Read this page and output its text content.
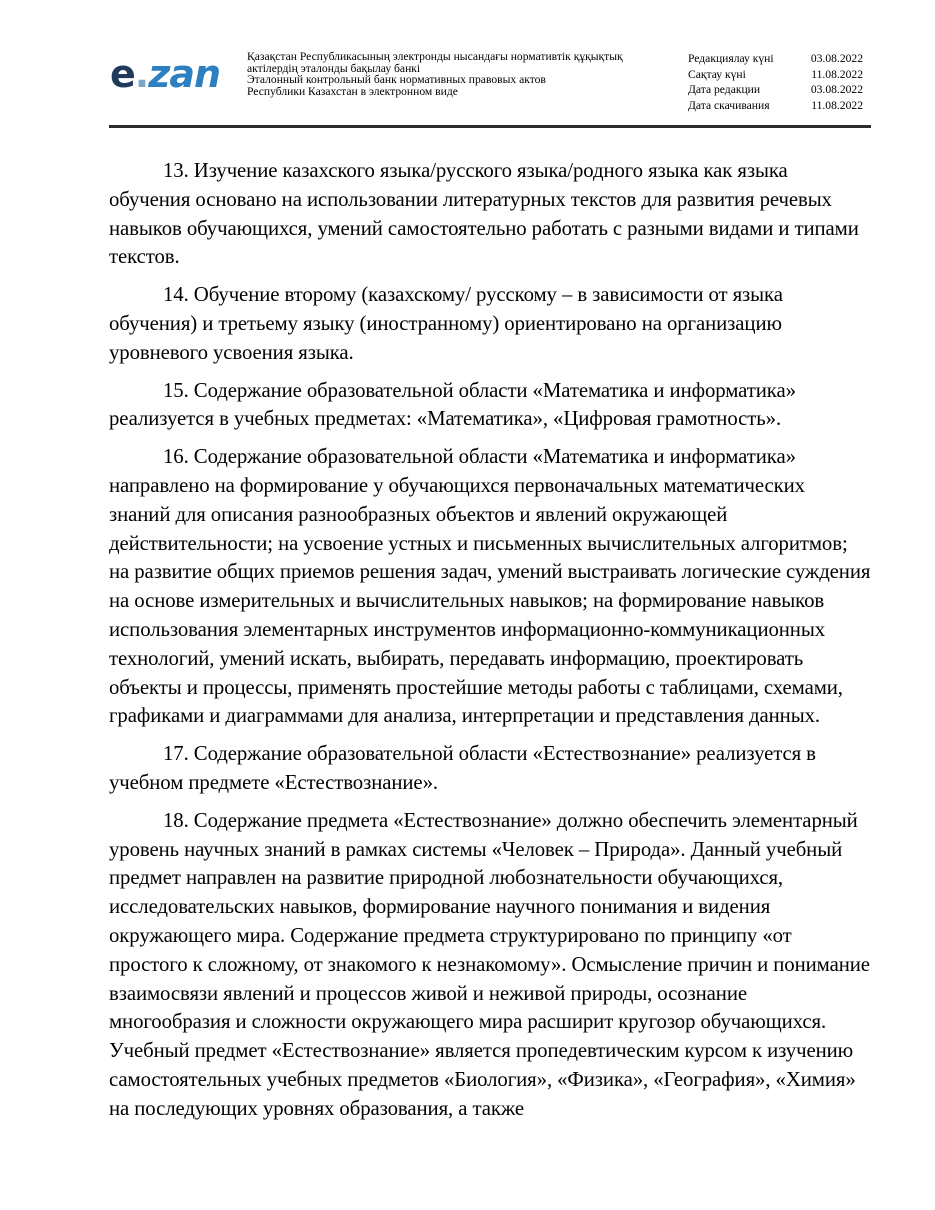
e.zan Қазақстан Республикасының электронды нысандағы нормативтік құқықтық
актілердің эталонды бақылау банкі
Эталонный контрольный банк нормативных правовых актов
Республики Казахстан в электронном виде
Редакциялау күні	03.08.2022
Сақтау күні	11.08.2022
Дата редакции	03.08.2022
Дата скачивания	11.08.2022

13. Изучение казахского языка/русского языка/родного языка как языка обучения основано на использовании литературных текстов для развития речевых навыков обучающихся, умений самостоятельно работать с разными видами и типами текстов.

14. Обучение второму (казахскому/ русскому – в зависимости от языка обучения) и третьему языку (иностранному) ориентировано на организацию уровневого усвоения языка.

15. Содержание образовательной области «Математика и информатика» реализуется в учебных предметах: «Математика», «Цифровая грамотность».

16. Содержание образовательной области «Математика и информатика» направлено на формирование у обучающихся первоначальных математических знаний для описания разнообразных объектов и явлений окружающей действительности; на усвоение устных и письменных вычислительных алгоритмов; на развитие общих приемов решения задач, умений выстраивать логические суждения на основе измерительных и вычислительных навыков; на формирование навыков использования элементарных инструментов информационно-коммуникационных технологий, умений искать, выбирать, передавать информацию, проектировать объекты и процессы, применять простейшие методы работы с таблицами, схемами, графиками и диаграммами для анализа, интерпретации и представления данных.

17. Содержание образовательной области «Естествознание» реализуется в учебном предмете «Естествознание».

18. Содержание предмета «Естествознание» должно обеспечить элементарный уровень научных знаний в рамках системы «Человек – Природа». Данный учебный предмет направлен на развитие природной любознательности обучающихся, исследовательских навыков, формирование научного понимания и видения окружающего мира. Содержание предмета структурировано по принципу «от простого к сложному, от знакомого к незнакомому». Осмысление причин и понимание взаимосвязи явлений и процессов живой и неживой природы, осознание многообразия и сложности окружающего мира расширит кругозор обучающихся. Учебный предмет «Естествознание» является пропедевтическим курсом к изучению самостоятельных учебных предметов «Биология», «Физика», «География», «Химия» на последующих уровнях образования, а также
